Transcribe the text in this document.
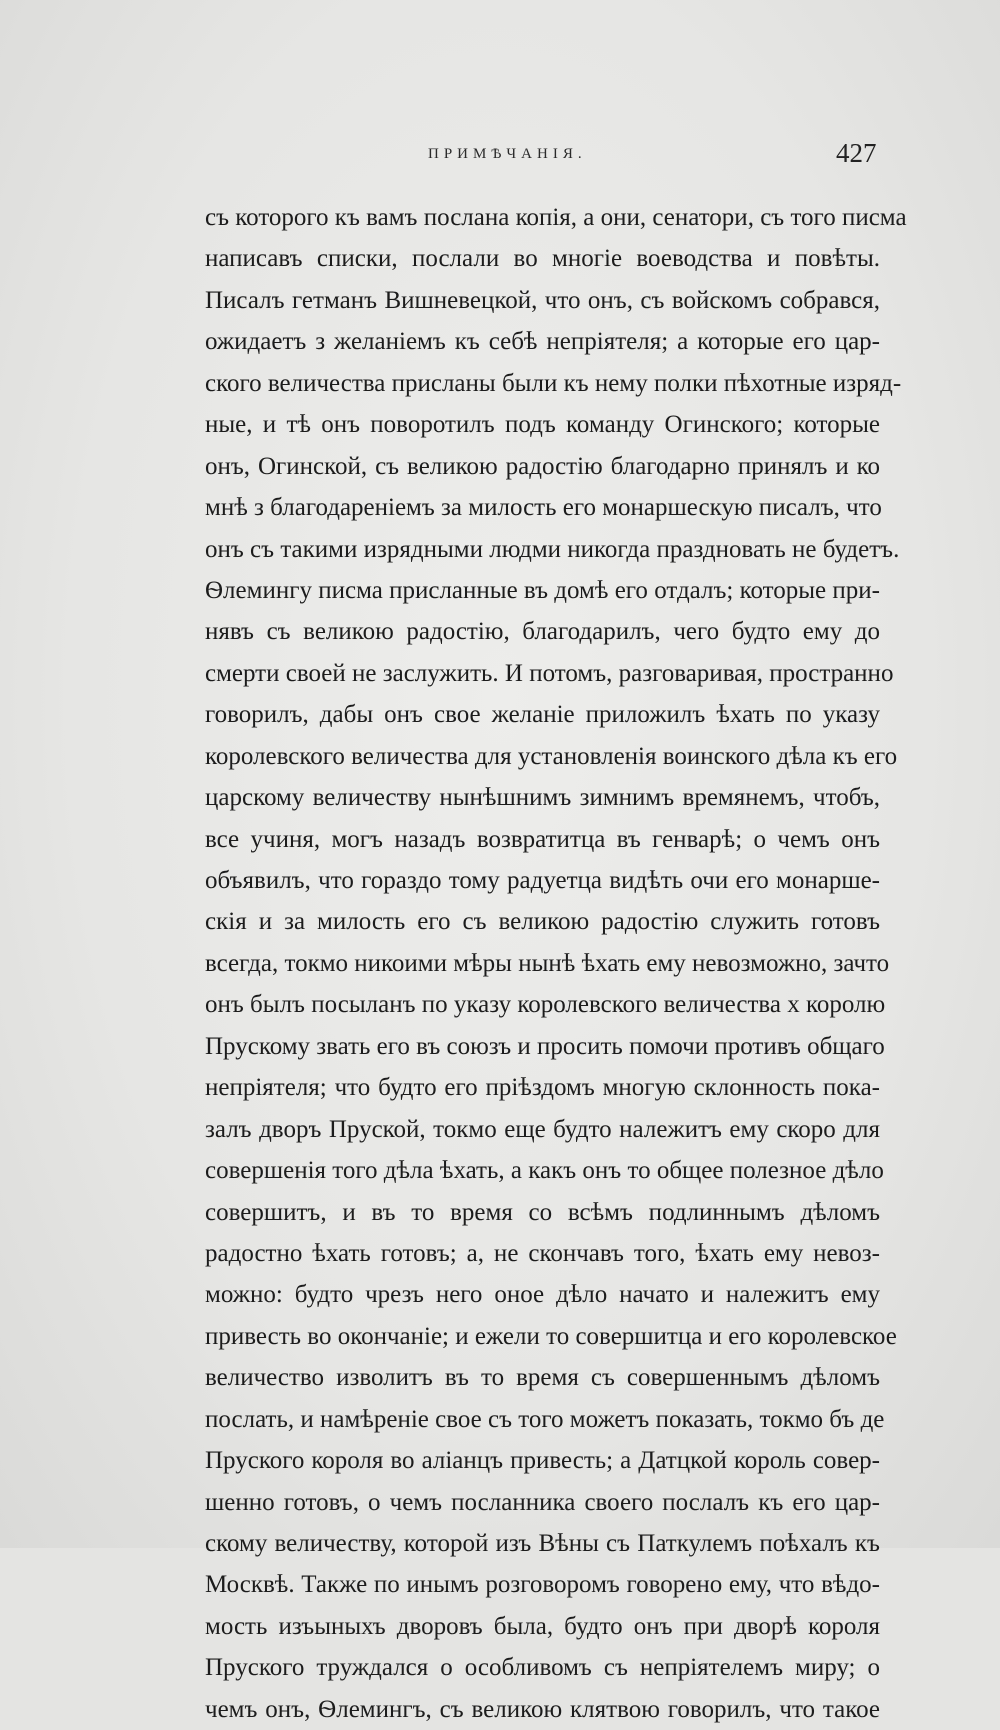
ПРИМѢЧАНІЯ.	427
съ которого къ вамъ послана копія, а они, сенатори, съ того писма
написавъ списки, послали во многіе воеводства и повѣты.
Писалъ гетманъ Вишневецкой, что онъ, съ войскомъ собрався,
ожидаетъ з желаніемъ къ себѣ непріятеля; а которые его цар-
ского величества присланы были къ нему полки пѣхотные изряд-
ные, и тѣ онъ поворотилъ подъ команду Огинского; которые
онъ, Огинской, съ великою радостію благодарно принялъ и ко
мнѣ з благодареніемъ за милость его монаршескую писалъ, что
онъ съ такими изрядными людми никогда праздновать не будетъ.
Ѳлемингу писма присланные въ домѣ его отдалъ; которые при-
нявъ съ великою радостію, благодарилъ, чего будто ему до
смерти своей не заслужить. И потомъ, разговаривая, пространно
говорилъ, дабы онъ свое желаніе приложилъ ѣхать по указу
королевского величества для установленія воинского дѣла къ его
царскому величеству нынѣшнимъ зимнимъ времянемъ, чтобъ,
все учиня, могъ назадъ возвратитца въ генварѣ; о чемъ онъ
объявилъ, что гораздо тому радуетца видѣть очи его монарше-
скія и за милость его съ великою радостію служить готовъ
всегда, токмо никоими мѣры нынѣ ѣхать ему невозможно, зачто
онъ былъ посыланъ по указу королевского величества х королю
Прускому звать его въ союзъ и просить помочи противъ общаго
непріятеля; что будто его пріѣздомъ многую склонность пока-
залъ дворъ Пруской, токмо еще будто належитъ ему скоро для
совершенія того дѣла ѣхать, а какъ онъ то общее полезное дѣло
совершитъ, и въ то время со всѣмъ подлиннымъ дѣломъ
радостно ѣхать готовъ; а, не скончавъ того, ѣхать ему невоз-
можно: будто чрезъ него оное дѣло начато и належитъ ему
привесть во окончаніе; и ежели то совершитца и его королевское
величество изволитъ въ то время съ совершеннымъ дѣломъ
послать, и намѣреніе свое съ того можетъ показать, токмо бъ де
Пруского короля во аліанцъ привесть; а Датцкой король совер-
шенно готовъ, о чемъ посланника своего послалъ къ его цар-
скому величеству, которой изъ Вѣны съ Паткулемъ поѣхалъ къ
Москвѣ. Также по инымъ розговоромъ говорено ему, что вѣдо-
мость изъыныхъ дворовъ была, будто онъ при дворѣ короля
Пруского труждался о особливомъ съ непріятелемъ миру; о
чемъ онъ, Ѳлемингъ, съ великою клятвою говорилъ, что такое
